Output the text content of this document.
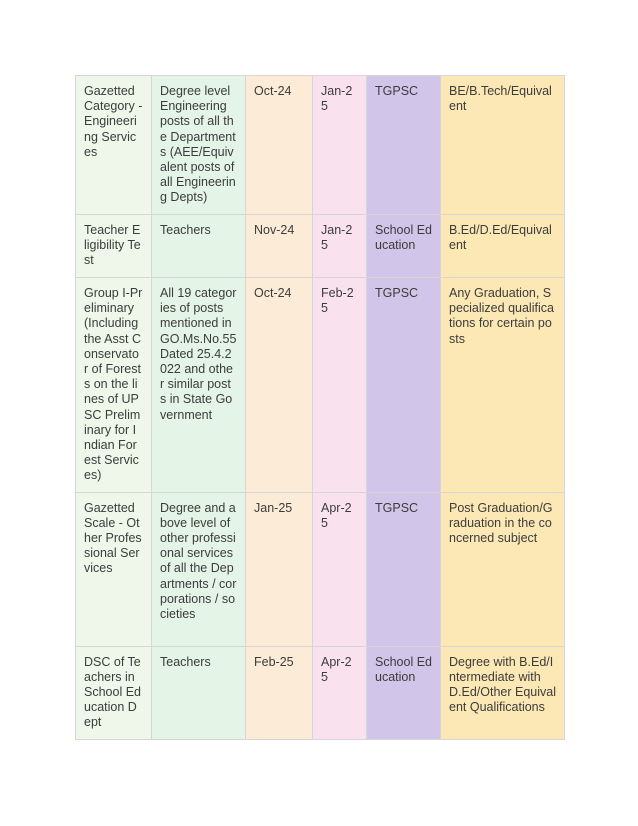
Gazetted Category - Engineering Services	Degree level Engineering posts of all the Departments (AEE/Equivalent posts of all Engineering Depts)	Oct-24	Jan-25	TGPSC	BE/B.Tech/Equivalent
Teacher Eligibility Test	Teachers	Nov-24	Jan-25	School Education	B.Ed/D.Ed/Equivalent
Group I-Preliminary (Including the Asst Conservator of Forests on the lines of UPSC Preliminary for Indian Forest Services)	All 19 categories of posts mentioned in GO.Ms.No.55 Dated 25.4.2022 and other similar posts in State Government	Oct-24	Feb-25	TGPSC	Any Graduation, Specialized qualifications for certain posts
Gazetted Scale - Other Professional Services	Degree and above level of other professional services of all the Departments / corporations / societies	Jan-25	Apr-25	TGPSC	Post Graduation/Graduation in the concerned subject
DSC of Teachers in School Education Dept	Teachers	Feb-25	Apr-25	School Education	Degree with B.Ed/Intermediate with D.Ed/Other Equivalent Qualifications
